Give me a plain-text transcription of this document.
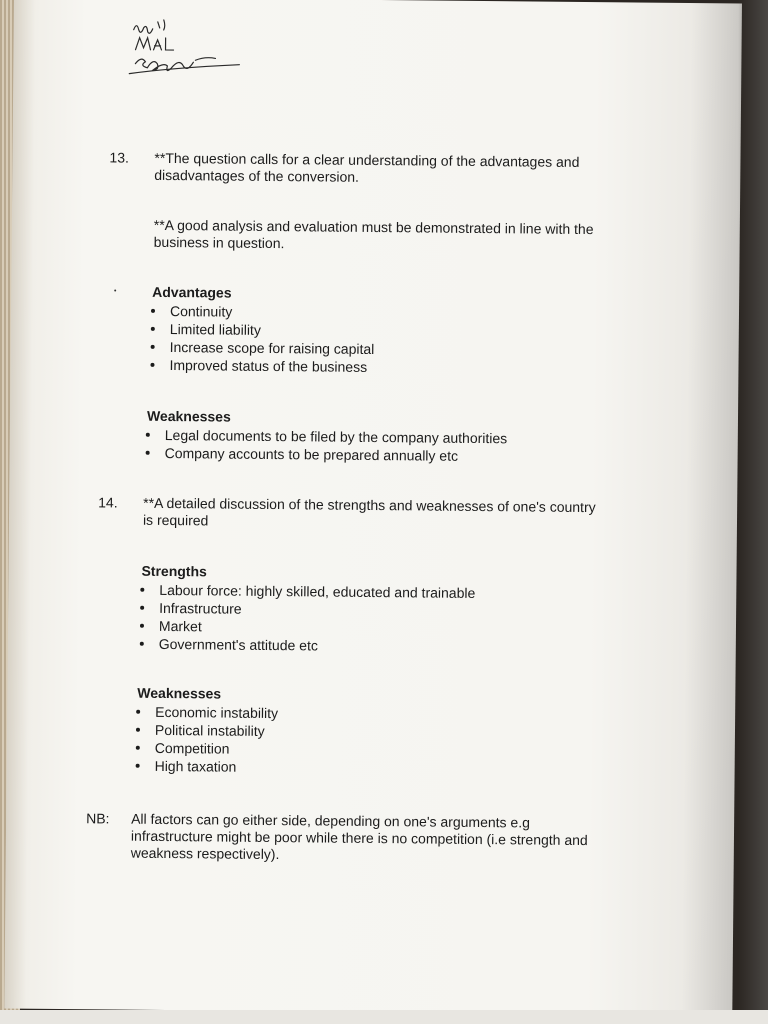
13. **The question calls for a clear understanding of the advantages and
disadvantages of the conversion.
**A good analysis and evaluation must be demonstrated in line with the
business in question.
Advantages
Continuity
Limited liability
Increase scope for raising capital
Improved status of the business
Weaknesses
Legal documents to be filed by the company authorities
Company accounts to be prepared annually etc
14. **A detailed discussion of the strengths and weaknesses of one's country
is required
Strengths
Labour force: highly skilled, educated and trainable
Infrastructure
Market
Government's attitude etc
Weaknesses
Economic instability
Political instability
Competition
High taxation
NB: All factors can go either side, depending on one's arguments e.g
infrastructure might be poor while there is no competition (i.e strength and
weakness respectively).
